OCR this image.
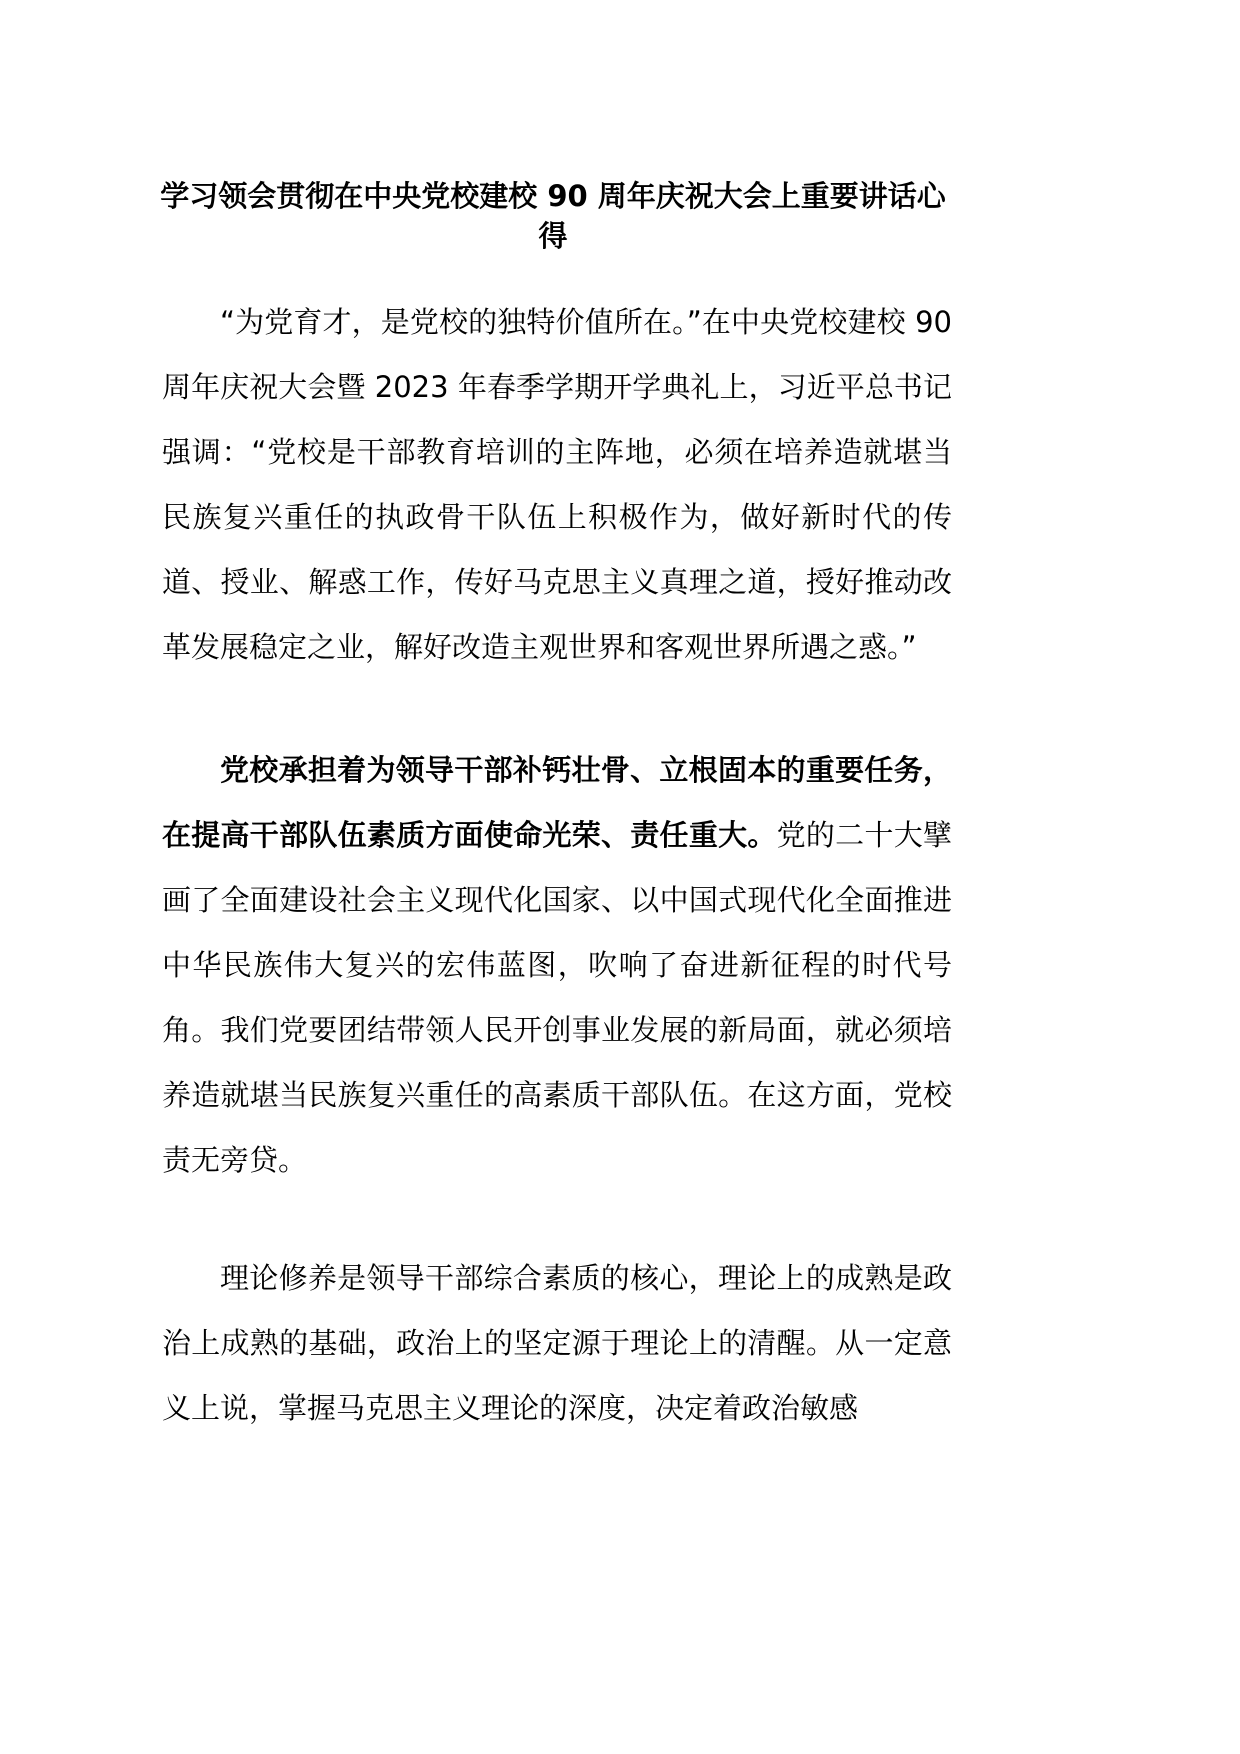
学习领会贯彻在中央党校建校 90 周年庆祝大会上重要讲话心得

“为党育才，是党校的独特价值所在。”在中央党校建校 90 周年庆祝大会暨 2023 年春季学期开学典礼上，习近平总书记强调：“党校是干部教育培训的主阵地，必须在培养造就堪当民族复兴重任的执政骨干队伍上积极作为，做好新时代的传道、授业、解惑工作，传好马克思主义真理之道，授好推动改革发展稳定之业，解好改造主观世界和客观世界所遇之惑。”

党校承担着为领导干部补钙壮骨、立根固本的重要任务，在提高干部队伍素质方面使命光荣、责任重大。党的二十大擘画了全面建设社会主义现代化国家、以中国式现代化全面推进中华民族伟大复兴的宏伟蓝图，吹响了奋进新征程的时代号角。我们党要团结带领人民开创事业发展的新局面，就必须培养造就堪当民族复兴重任的高素质干部队伍。在这方面，党校责无旁贷。

理论修养是领导干部综合素质的核心，理论上的成熟是政治上成熟的基础，政治上的坚定源于理论上的清醒。从一定意义上说，掌握马克思主义理论的深度，决定着政治敏感
